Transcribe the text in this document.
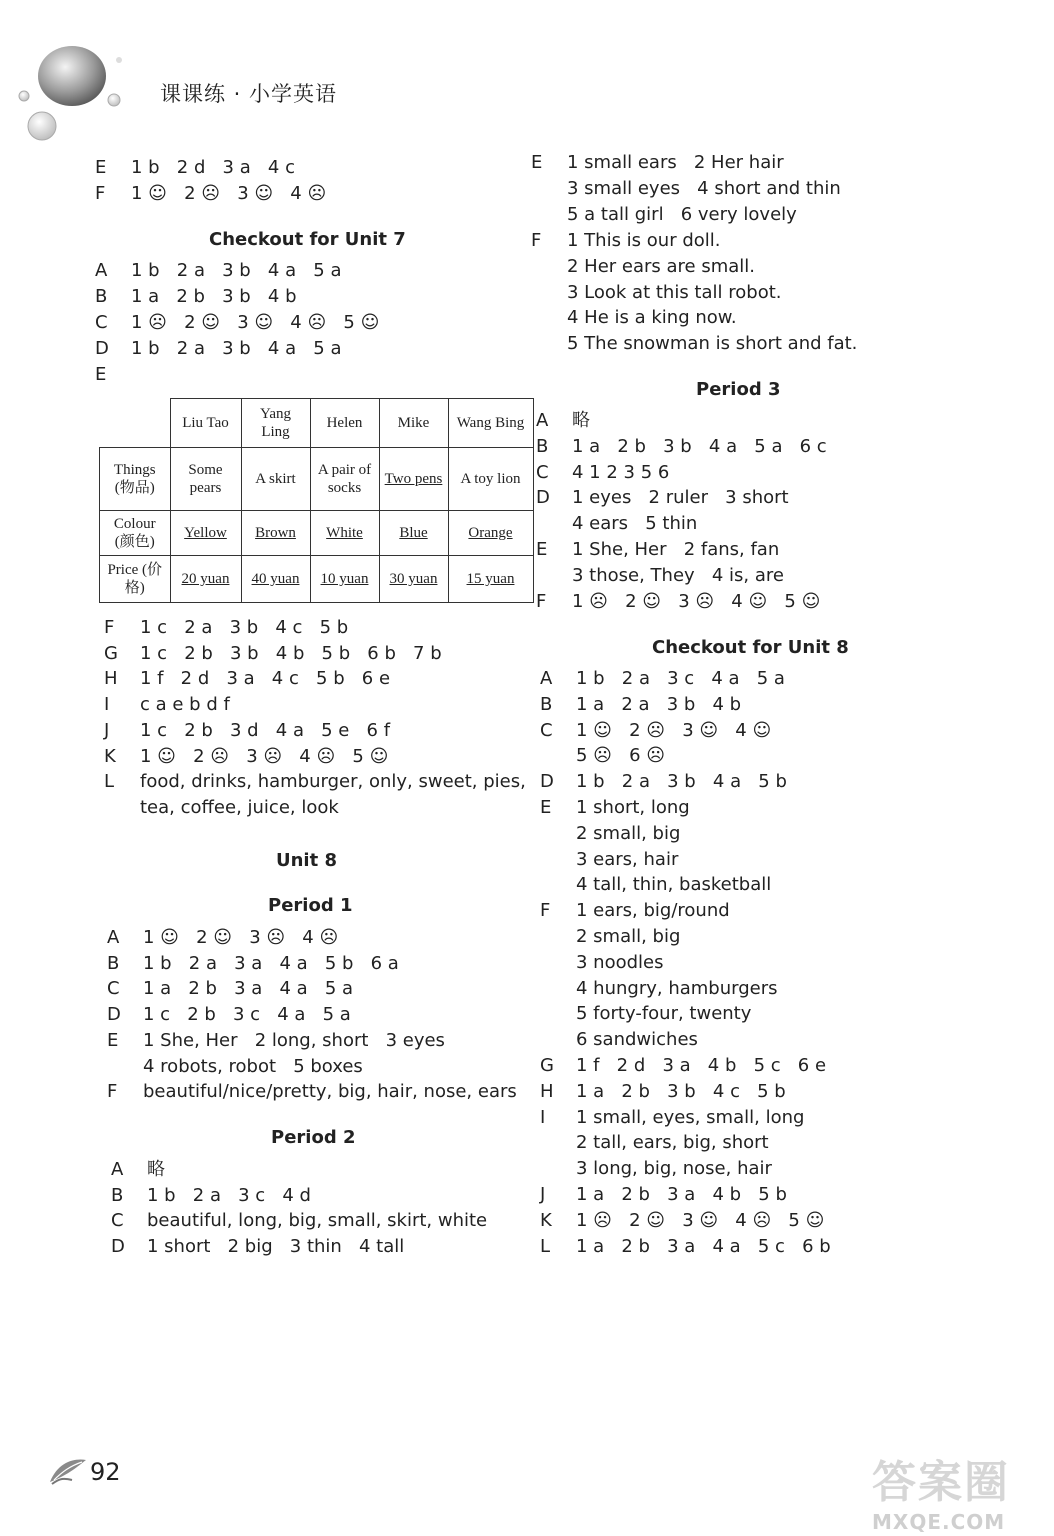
课课练 · 小学英语
E 1 b   2 d   3 a   4 c
F 1 ☺   2 ☹   3 ☺   4 ☹
Checkout for Unit 7
A 1 b   2 a   3 b   4 a   5 a
B 1 a   2 b   3 b   4 b
C 1 ☹   2 ☺   3 ☺   4 ☹   5 ☺
D 1 b   2 a   3 b   4 a   5 a
E
F 1 c   2 a   3 b   4 c   5 b
G 1 c   2 b   3 b   4 b   5 b   6 b   7 b
H 1 f   2 d   3 a   4 c   5 b   6 e
I c a e b d f
J 1 c   2 b   3 d   4 a   5 e   6 f
K 1 ☺   2 ☹   3 ☹   4 ☹   5 ☺
L food, drinks, hamburger, only, sweet, pies,
tea, coffee, juice, look
Unit 8
Period 1
A 1 ☺   2 ☺   3 ☹   4 ☹
B 1 b   2 a   3 a   4 a   5 b   6 a
C 1 a   2 b   3 a   4 a   5 a
D 1 c   2 b   3 c   4 a   5 a
E 1 She, Her   2 long, short   3 eyes
4 robots, robot   5 boxes
F beautiful/nice/pretty, big, hair, nose, ears
Period 2
A 略
B 1 b   2 a   3 c   4 d
C beautiful, long, big, small, skirt, white
D 1 short   2 big   3 thin   4 tall
E 1 small ears   2 Her hair
3 small eyes   4 short and thin
5 a tall girl   6 very lovely
F 1 This is our doll.
2 Her ears are small.
3 Look at this tall robot.
4 He is a king now.
5 The snowman is short and fat.
Period 3
A 略
B 1 a   2 b   3 b   4 a   5 a   6 c
C 4 1 2 3 5 6
D 1 eyes   2 ruler   3 short
4 ears   5 thin
E 1 She, Her   2 fans, fan
3 those, They   4 is, are
F 1 ☹   2 ☺   3 ☹   4 ☺   5 ☺
Checkout for Unit 8
A 1 b   2 a   3 c   4 a   5 a
B 1 a   2 a   3 b   4 b
C 1 ☺   2 ☹   3 ☺   4 ☺
5 ☹   6 ☹
D 1 b   2 a   3 b   4 a   5 b
E 1 short, long
2 small, big
3 ears, hair
4 tall, thin, basketball
F 1 ears, big/round
2 small, big
3 noodles
4 hungry, hamburgers
5 forty-four, twenty
6 sandwiches
G 1 f   2 d   3 a   4 b   5 c   6 e
H 1 a   2 b   3 b   4 c   5 b
I 1 small, eyes, small, long
2 tall, ears, big, short
3 long, big, nose, hair
J 1 a   2 b   3 a   4 b   5 b
K 1 ☹   2 ☺   3 ☺   4 ☹   5 ☺
L 1 a   2 b   3 a   4 a   5 c   6 b
	Liu Tao	Yang Ling	Helen	Mike	Wang Bing
Things (物品)	Some pears	A skirt	A pair of socks	Two pens	A toy lion
Colour (颜色)	Yellow	Brown	White	Blue	Orange
Price (价格)	20 yuan	40 yuan	10 yuan	30 yuan	15 yuan
92	答案圈
MXQE.COM
